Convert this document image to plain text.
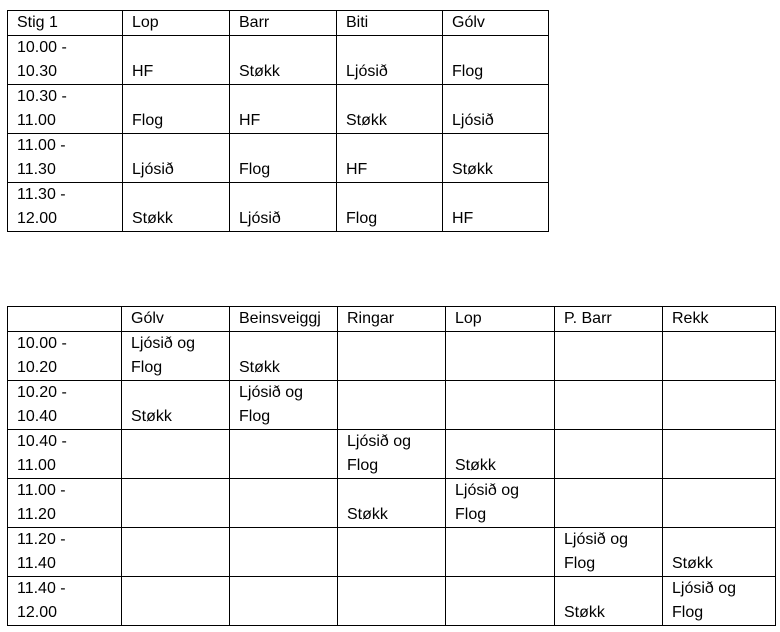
Stig 1	Lop	Barr	Biti	Gólv
10.00 -
10.30	HF	Støkk	Ljósið	Flog
10.30 -
11.00	Flog	HF	Støkk	Ljósið
11.00 -
11.30	Ljósið	Flog	HF	Støkk
11.30 -
12.00	Støkk	Ljósið	Flog	HF
	Gólv	Beinsveiggj	Ringar	Lop	P. Barr	Rekk
10.00 -
10.20	Ljósið og
Flog	Støkk				
10.20 -
10.40	Støkk	Ljósið og
Flog				
10.40 -
11.00			Ljósið og
Flog	Støkk		
11.00 -
11.20			Støkk	Ljósið og
Flog		
11.20 -
11.40					Ljósið og
Flog	Støkk
11.40 -
12.00					Støkk	Ljósið og
Flog
